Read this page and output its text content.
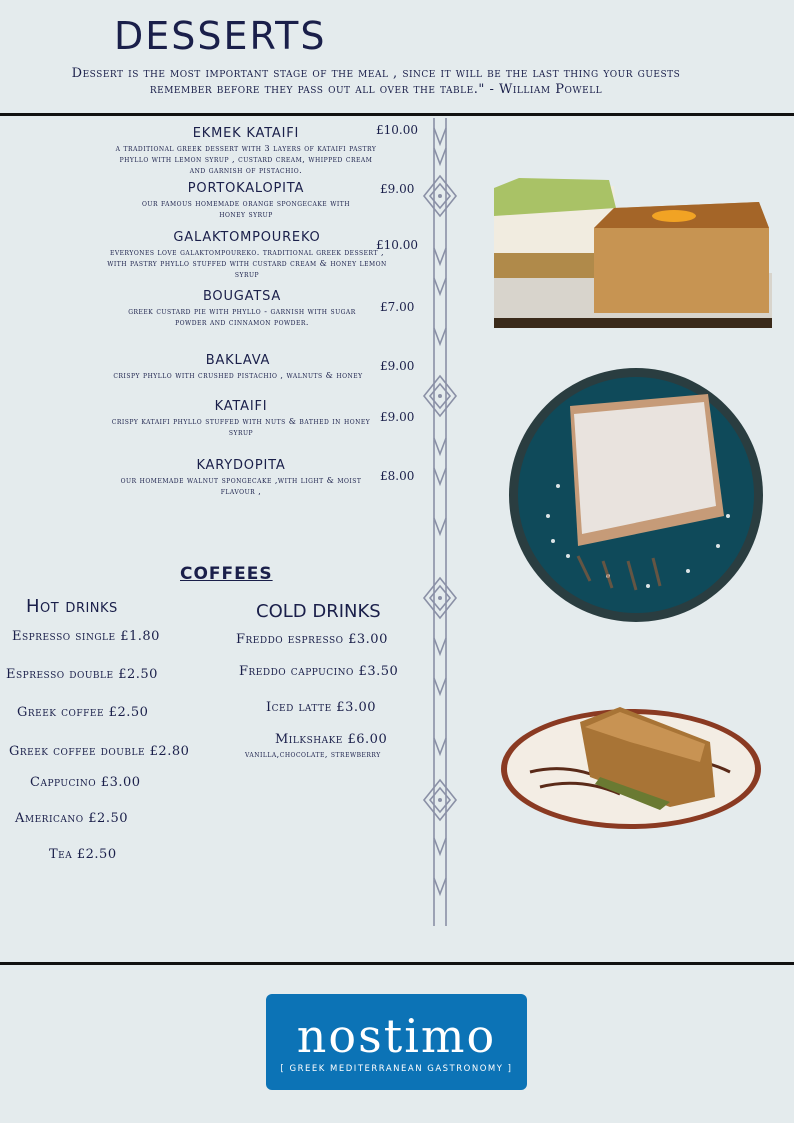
DESSERTS
Dessert is the most important stage of the meal , since it will be the last thing your guests
remember before they pass out all over the table." - William Powell
EKMEK KATAIFI
a traditional greek dessert with 3 layers of kataifi pastry phyllo with lemon syrup , custard cream, whipped cream and garnish of pistachio.
£10.00
PORTOKALOPITA
our famous homemade orange spongecake with honey syrup
£9.00
GALAKTOMPOUREKO
everyones love galaktompoureko. traditional greek dessert , with pastry phyllo stuffed with custard cream & honey lemon syrup
£10.00
BOUGATSA
greek custard pie with phyllo - garnish with sugar powder and cinnamon powder.
£7.00
BAKLAVA
crispy phyllo with crushed pistachio , walnuts & honey
£9.00
KATAIFI
crispy kataifi phyllo stuffed with nuts & bathed in honey syrup
£9.00
KARYDOPITA
our homemade walnut spongecake ,with light & moist flavour ,
£8.00
COFFEES
Hot drinks	COLD DRINKS
Espresso single £1.80
Espresso double £2.50
Greek coffee £2.50
Greek coffee double £2.80
Cappucino £3.00
Americano £2.50
Tea £2.50
Freddo espresso £3.00
Freddo cappucino £3.50
Iced latte £3.00
Milkshake £6.00
vanilla,chocolate, strewberry
nostimo
[ GREEK MEDITERRANEAN GASTRONOMY ]
